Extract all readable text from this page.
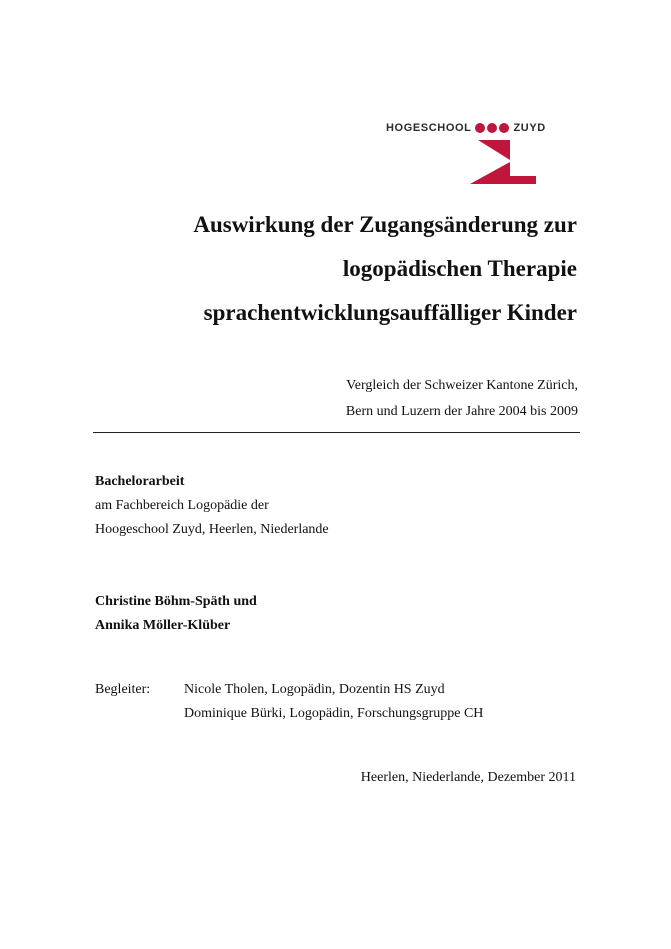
HOGESCHOOL	ZUYD
Auswirkung der Zugangsänderung zur
logopädischen Therapie
sprachentwicklungsauffälliger Kinder
Vergleich der Schweizer Kantone Zürich,
Bern und Luzern der Jahre 2004 bis 2009
Bachelorarbeit
am Fachbereich Logopädie der
Hoogeschool Zuyd, Heerlen, Niederlande
Christine Böhm-Späth und
Annika Möller-Klüber
Begleiter:	Nicole Tholen, Logopädin, Dozentin HS Zuyd
Dominique Bürki, Logopädin, Forschungsgruppe CH
Heerlen, Niederlande, Dezember 2011
